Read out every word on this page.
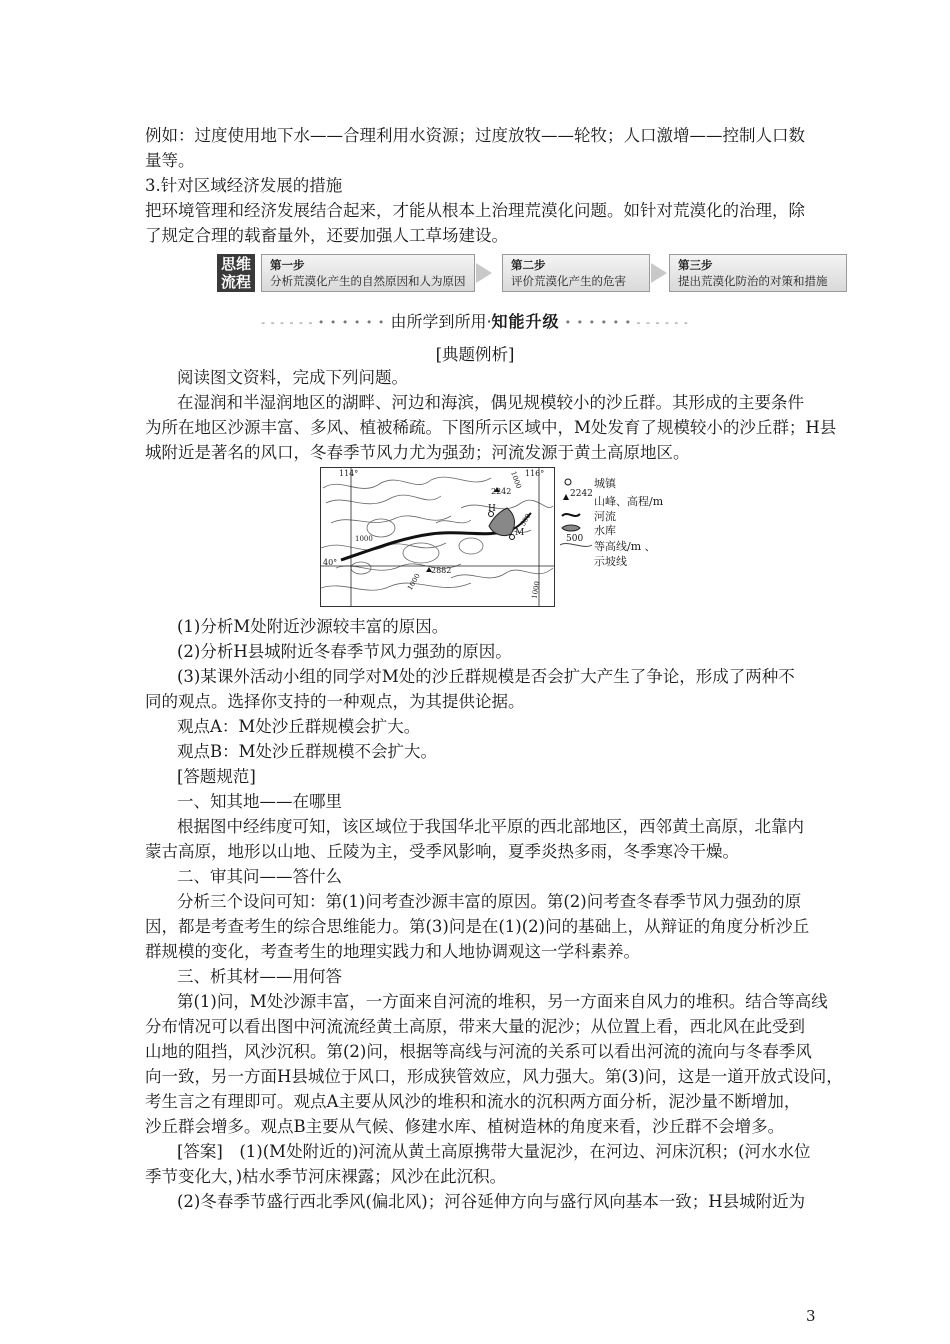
例如：过度使用地下水——合理利用水资源；过度放牧——轮牧；人口激增——控制人口数
量等。
3.针对区域经济发展的措施
把环境管理和经济发展结合起来，才能从根本上治理荒漠化问题。如针对荒漠化的治理，除
了规定合理的载畜量外，还要加强人工草场建设。
思维流程
第一步
分析荒漠化产生的自然原因和人为原因
第二步
评价荒漠化产生的危害
第三步
提出荒漠化防治的对策和措施
- - - - - - • • • • • • 由所学到所用·知能升级 • • • • • • - - - - - -
[典题例析]
阅读图文资料，完成下列问题。
在湿润和半湿润地区的湖畔、河边和海滨，偶见规模较小的沙丘群。其形成的主要条件
为所在地区沙源丰富、多风、植被稀疏。下图所示区域中，M处发育了规模较小的沙丘群；H县
城附近是著名的风口，冬春季节风力尤为强劲；河流发源于黄土高原地区。
114°	116°
40°
2242
2882
1000
1000
1000	1000
500
M
H
城镇
2242
山峰、高程/m
河流
水库
500
等高线/m 、
示坡线
(1)分析M处附近沙源较丰富的原因。
(2)分析H县城附近冬春季节风力强劲的原因。
(3)某课外活动小组的同学对M处的沙丘群规模是否会扩大产生了争论，形成了两种不
同的观点。选择你支持的一种观点，为其提供论据。
观点A：M处沙丘群规模会扩大。
观点B：M处沙丘群规模不会扩大。
[答题规范]
一、知其地——在哪里
根据图中经纬度可知，该区域位于我国华北平原的西北部地区，西邻黄土高原，北靠内
蒙古高原，地形以山地、丘陵为主，受季风影响，夏季炎热多雨，冬季寒冷干燥。
二、审其问——答什么
分析三个设问可知：第(1)问考查沙源丰富的原因。第(2)问考查冬春季节风力强劲的原
因，都是考查考生的综合思维能力。第(3)问是在(1)(2)问的基础上，从辩证的角度分析沙丘
群规模的变化，考查考生的地理实践力和人地协调观这一学科素养。
三、析其材——用何答
第(1)问，M处沙源丰富，一方面来自河流的堆积，另一方面来自风力的堆积。结合等高线
分布情况可以看出图中河流流经黄土高原，带来大量的泥沙；从位置上看，西北风在此受到
山地的阻挡，风沙沉积。第(2)问，根据等高线与河流的关系可以看出河流的流向与冬春季风
向一致，另一方面H县城位于风口，形成狭管效应，风力强大。第(3)问，这是一道开放式设问，
考生言之有理即可。观点A主要从风沙的堆积和流水的沉积两方面分析，泥沙量不断增加，
沙丘群会增多。观点B主要从气候、修建水库、植树造林的角度来看，沙丘群不会增多。
[答案]　(1)(M处附近的)河流从黄土高原携带大量泥沙，在河边、河床沉积；(河水水位
季节变化大，)枯水季节河床裸露；风沙在此沉积。
(2)冬春季节盛行西北季风(偏北风)；河谷延伸方向与盛行风向基本一致；H县城附近为
3
